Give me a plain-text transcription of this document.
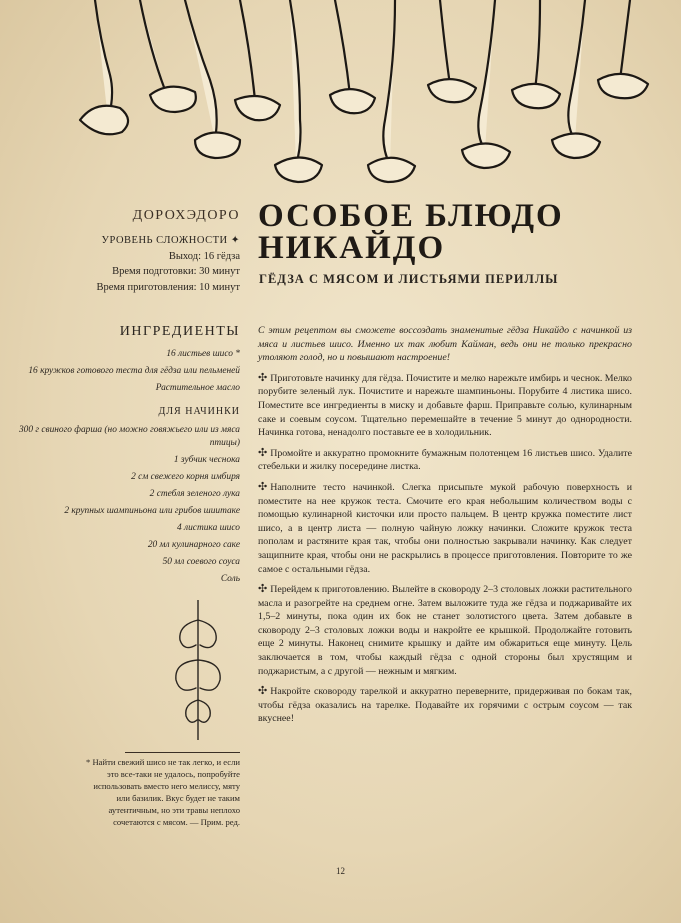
ДОРОХЭДОРО
УРОВЕНЬ СЛОЖНОСТИ ✦
Выход: 16 гёдза
Время подготовки: 30 минут
Время приготовления: 10 минут
ОСОБОЕ БЛЮДО
НИКАЙДО
ГЁДЗА С МЯСОМ И ЛИСТЬЯМИ ПЕРИЛЛЫ
ИНГРЕДИЕНТЫ

16 листьев шисо *

16 кружков готового теста для гёдза или пельменей

Растительное масло

ДЛЯ НАЧИНКИ

300 г свиного фарша (но можно говяжьего или из мяса птицы)

1 зубчик чеснока

2 см свежего корня имбиря

2 стебля зеленого лука

2 крупных шампиньона или грибов шиитаке

4 листика шисо

20 мл кулинарного саке

50 мл соевого соуса

Соль

С этим рецептом вы сможете воссоздать знаменитые гёдза Никайдо с начинкой из мяса и листьев шисо. Именно их так любит Кайман, ведь они не только прекрасно утоляют голод, но и повышают настроение!

✣ Приготовьте начинку для гёдза. Почистите и мелко нарежьте имбирь и чеснок. Мелко порубите зеленый лук. Почистите и нарежьте шампиньоны. Порубите 4 листика шисо. Поместите все ингредиенты в миску и добавьте фарш. Приправьте солью, кулинарным саке и соевым соусом. Тщательно перемешайте в течение 5 минут до однородности. Начинка готова, ненадолго поставьте ее в холодильник.

✣ Промойте и аккуратно промокните бумажным полотенцем 16 листьев шисо. Удалите стебельки и жилку посередине листка.

✣ Наполните тесто начинкой. Слегка присыпьте мукой рабочую поверхность и поместите на нее кружок теста. Смочите его края небольшим количеством воды с помощью кулинарной кисточки или просто пальцем. В центр кружка поместите лист шисо, а в центр листа — полную чайную ложку начинки. Сложите кружок теста пополам и растяните края так, чтобы они полностью закрывали начинку. Как следует защипните края, чтобы они не раскрылись в процессе приготовления. Повторите то же самое с остальными гёдза.

✣ Перейдем к приготовлению. Вылейте в сковороду 2–3 столовых ложки растительного масла и разогрейте на среднем огне. Затем выложите туда же гёдза и поджаривайте их 1,5–2 минуты, пока один их бок не станет золотистого цвета. Затем добавьте в сковороду 2–3 столовых ложки воды и накройте ее крышкой. Продолжайте готовить еще 2 минуты. Наконец снимите крышку и дайте им обжариться еще минуту. Цель заключается в том, чтобы каждый гёдза с одной стороны был хрустящим и поджаристым, а с другой — нежным и мягким.

✣ Накройте сковороду тарелкой и аккуратно переверните, придерживая по бокам так, чтобы гёдза оказались на тарелке. Подавайте их горячими с острым соусом — так вкуснее!

* Найти свежий шисо не так легко, и если это все-таки не удалось, попробуйте использовать вместо него мелиссу, мяту или базилик. Вкус будет не таким аутентичным, но эти травы неплохо сочетаются с мясом. — Прим. ред.
12
